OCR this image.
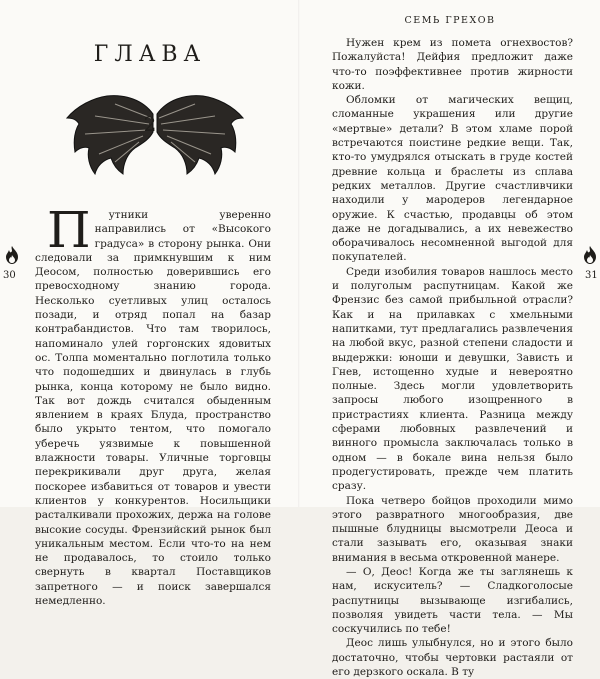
ГЛАВА
2

П утники уверенно направились от «Высокого градуса» в сторону рынка. Они следовали за примкнувшим к ним Деосом, полностью доверившись его превосходному знанию города. Несколько суетливых улиц осталось позади, и отряд попал на базар контрабандистов. Что там творилось, напоминало улей горгонских ядовитых ос. Толпа моментально поглотила только что подошедших и двинулась в глубь рынка, конца которому не было видно. Так вот дождь считался обыденным явлением в краях Блуда, пространство было укрыто тентом, что помогало уберечь уязвимые к повышенной влажности товары. Уличные торговцы перекрикивали друг друга, желая поскорее избавиться от товаров и увести клиентов у конкурентов. Носильщики расталкивали прохожих, держа на голове высокие сосуды. Френзийский рынок был уникальным местом. Если что-то на нем не продавалось, то стоило только свернуть в квартал Поставщиков запретного — и поиск завершался немедленно.

30
СЕМЬ ГРЕХОВ

Нужен крем из помета огнехвостов? Пожалуйста! Дейфия предложит даже что-то поэффективнее против жирности кожи.

Обломки от магических вещиц, сломанные украшения или другие «мертвые» детали? В этом хламе порой встречаются поистине редкие вещи. Так, кто-то умудрялся отыскать в груде костей древние кольца и браслеты из сплава редких металлов. Другие счастливчики находили у мародеров легендарное оружие. К счастью, продавцы об этом даже не догадывались, а их невежество оборачивалось несомненной выгодой для покупателей.

Среди изобилия товаров нашлось место и полуголым распутницам. Какой же Френзис без самой прибыльной отрасли? Как и на прилавках с хмельными напитками, тут предлагались развлечения на любой вкус, разной степени сладости и выдержки: юноши и девушки, Зависть и Гнев, истощенно худые и невероятно полные. Здесь могли удовлетворить запросы любого изощренного в пристрастиях клиента. Разница между сферами любовных развлечений и винного промысла заключалась только в одном — в бокале вина нельзя было продегустировать, прежде чем платить сразу.

Пока четверо бойцов проходили мимо этого развратного многообразия, две пышные блудницы высмотрели Деоса и стали зазывать его, оказывая знаки внимания в весьма откровенной манере.

— О, Деос! Когда же ты заглянешь к нам, искуситель? — Сладкоголосые распутницы вызывающе изгибались, позволяя увидеть части тела. — Мы соскучились по тебе!

Деос лишь улыбнулся, но и этого было достаточно, чтобы чертовки растаяли от его дерзкого оскала. В ту

31
